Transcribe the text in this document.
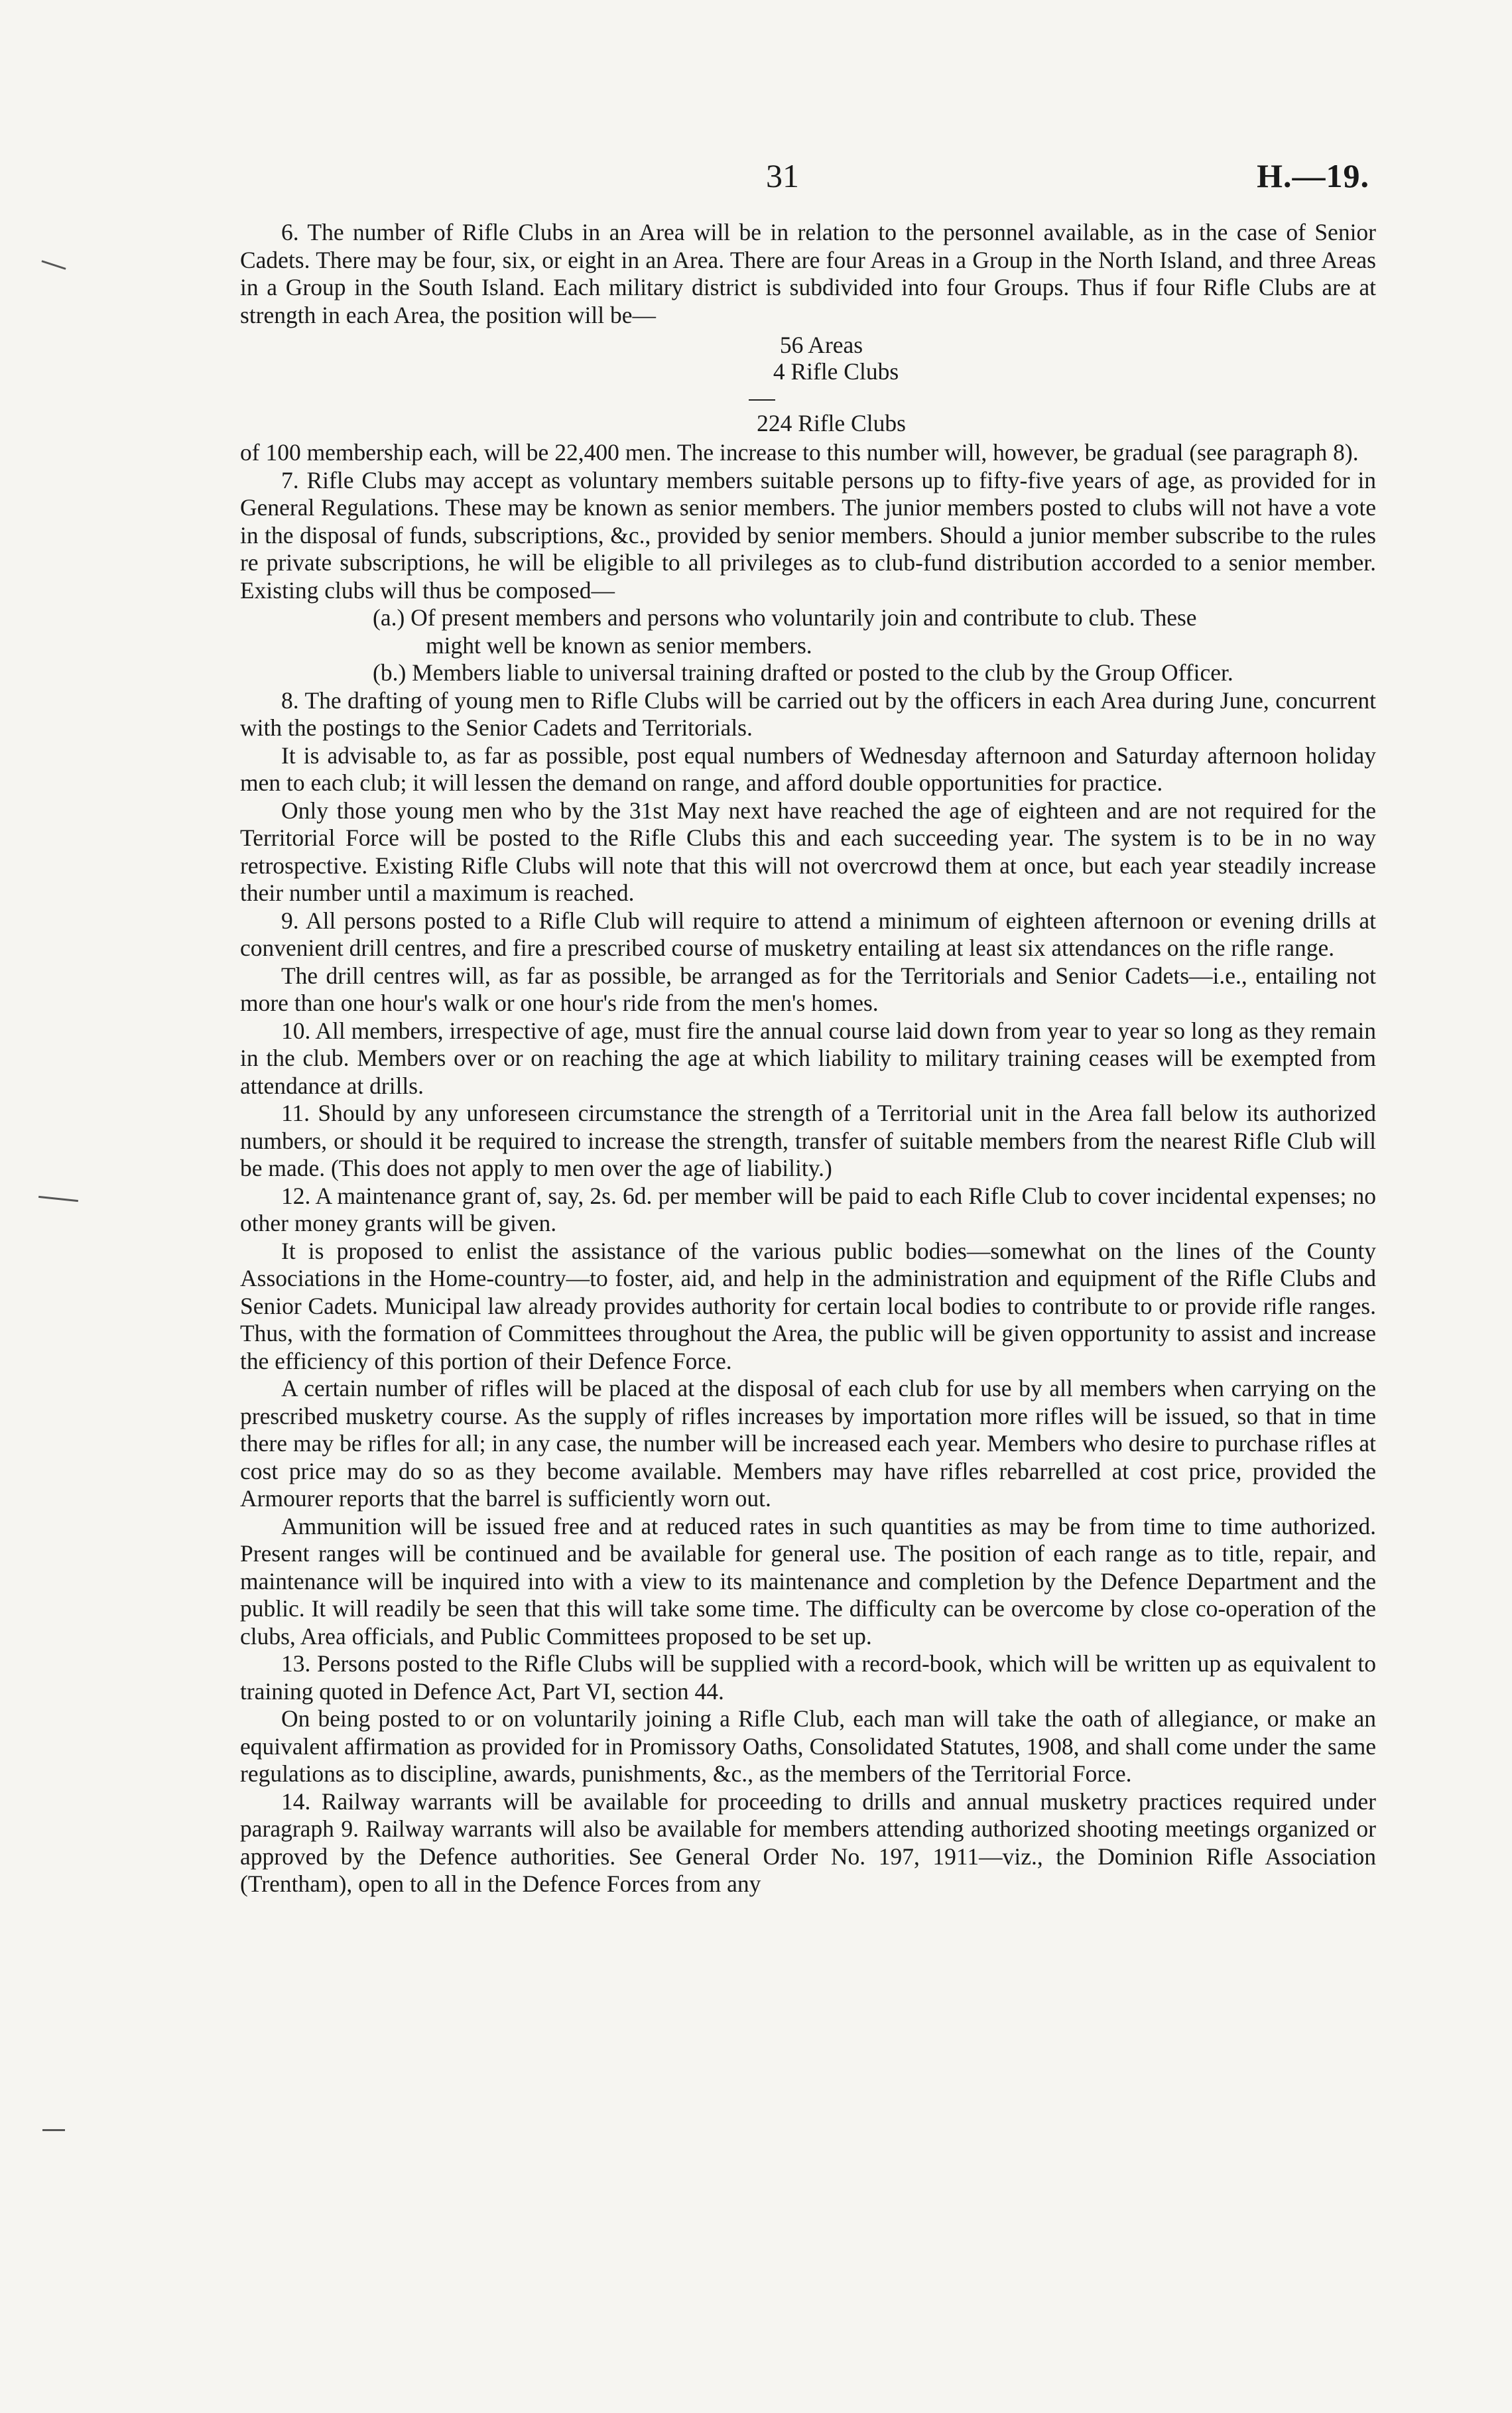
31	H.—19.

6. The number of Rifle Clubs in an Area will be in relation to the personnel available, as in the case of Senior Cadets. There may be four, six, or eight in an Area. There are four Areas in a Group in the North Island, and three Areas in a Group in the South Island. Each military district is subdivided into four Groups. Thus if four Rifle Clubs are at strength in each Area, the position will be—

56 Areas
4 Rifle Clubs
224 Rifle Clubs

of 100 membership each, will be 22,400 men. The increase to this number will, however, be gradual (see paragraph 8).

7. Rifle Clubs may accept as voluntary members suitable persons up to fifty-five years of age, as provided for in General Regulations. These may be known as senior members. The junior members posted to clubs will not have a vote in the disposal of funds, subscriptions, &c., provided by senior members. Should a junior member subscribe to the rules re private subscriptions, he will be eligible to all privileges as to club-fund distribution accorded to a senior member. Existing clubs will thus be composed—

(a.) Of present members and persons who voluntarily join and contribute to club. These
might well be known as senior members.

(b.) Members liable to universal training drafted or posted to the club by the Group Officer.

8. The drafting of young men to Rifle Clubs will be carried out by the officers in each Area during June, concurrent with the postings to the Senior Cadets and Territorials.

It is advisable to, as far as possible, post equal numbers of Wednesday afternoon and Saturday afternoon holiday men to each club; it will lessen the demand on range, and afford double opportunities for practice.

Only those young men who by the 31st May next have reached the age of eighteen and are not required for the Territorial Force will be posted to the Rifle Clubs this and each succeeding year. The system is to be in no way retrospective. Existing Rifle Clubs will note that this will not overcrowd them at once, but each year steadily increase their number until a maximum is reached.

9. All persons posted to a Rifle Club will require to attend a minimum of eighteen afternoon or evening drills at convenient drill centres, and fire a prescribed course of musketry entailing at least six attendances on the rifle range.

The drill centres will, as far as possible, be arranged as for the Territorials and Senior Cadets—i.e., entailing not more than one hour's walk or one hour's ride from the men's homes.

10. All members, irrespective of age, must fire the annual course laid down from year to year so long as they remain in the club. Members over or on reaching the age at which liability to military training ceases will be exempted from attendance at drills.

11. Should by any unforeseen circumstance the strength of a Territorial unit in the Area fall below its authorized numbers, or should it be required to increase the strength, transfer of suitable members from the nearest Rifle Club will be made. (This does not apply to men over the age of liability.)

12. A maintenance grant of, say, 2s. 6d. per member will be paid to each Rifle Club to cover incidental expenses; no other money grants will be given.

It is proposed to enlist the assistance of the various public bodies—somewhat on the lines of the County Associations in the Home-country—to foster, aid, and help in the administration and equipment of the Rifle Clubs and Senior Cadets. Municipal law already provides authority for certain local bodies to contribute to or provide rifle ranges. Thus, with the formation of Committees throughout the Area, the public will be given opportunity to assist and increase the efficiency of this portion of their Defence Force.

A certain number of rifles will be placed at the disposal of each club for use by all members when carrying on the prescribed musketry course. As the supply of rifles increases by importation more rifles will be issued, so that in time there may be rifles for all; in any case, the number will be increased each year. Members who desire to purchase rifles at cost price may do so as they become available. Members may have rifles rebarrelled at cost price, provided the Armourer reports that the barrel is sufficiently worn out.

Ammunition will be issued free and at reduced rates in such quantities as may be from time to time authorized. Present ranges will be continued and be available for general use. The position of each range as to title, repair, and maintenance will be inquired into with a view to its maintenance and completion by the Defence Department and the public. It will readily be seen that this will take some time. The difficulty can be overcome by close co-operation of the clubs, Area officials, and Public Committees proposed to be set up.

13. Persons posted to the Rifle Clubs will be supplied with a record-book, which will be written up as equivalent to training quoted in Defence Act, Part VI, section 44.

On being posted to or on voluntarily joining a Rifle Club, each man will take the oath of allegiance, or make an equivalent affirmation as provided for in Promissory Oaths, Consolidated Statutes, 1908, and shall come under the same regulations as to discipline, awards, punishments, &c., as the members of the Territorial Force.

14. Railway warrants will be available for proceeding to drills and annual musketry practices required under paragraph 9. Railway warrants will also be available for members attending authorized shooting meetings organized or approved by the Defence authorities. See General Order No. 197, 1911—viz., the Dominion Rifle Association (Trentham), open to all in the Defence Forces from any
